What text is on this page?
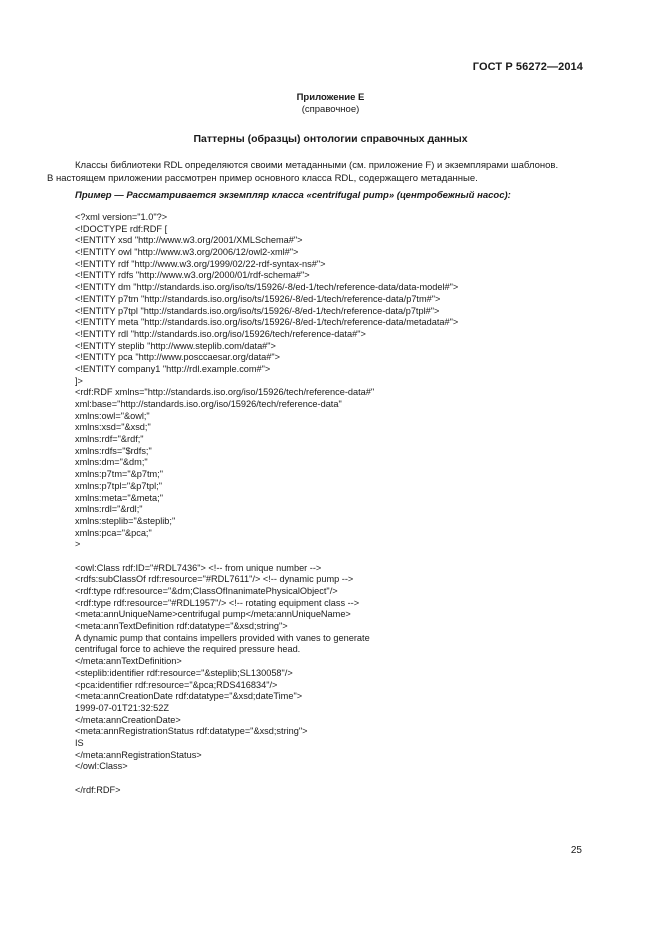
ГОСТ Р 56272—2014
Приложение Е
(справочное)
Паттерны (образцы) онтологии справочных данных
Классы библиотеки RDL определяются своими метаданными (см. приложение F) и экземплярами шаблонов.
В настоящем приложении рассмотрен пример основного класса RDL, содержащего метаданные.
Пример — Рассматривается экземпляр класса «centrifugal pump» (центробежный насос):
<?xml version="1.0"?>
<!DOCTYPE rdf:RDF [
<!ENTITY xsd "http://www.w3.org/2001/XMLSchema#">
<!ENTITY owl "http://www.w3.org/2006/12/owl2-xml#">
<!ENTITY rdf "http://www.w3.org/1999/02/22-rdf-syntax-ns#">
<!ENTITY rdfs "http://www.w3.org/2000/01/rdf-schema#">
<!ENTITY dm "http://standards.iso.org/iso/ts/15926/-8/ed-1/tech/reference-data/data-model#">
<!ENTITY p7tm "http://standards.iso.org/iso/ts/15926/-8/ed-1/tech/reference-data/p7tm#">
<!ENTITY p7tpl "http://standards.iso.org/iso/ts/15926/-8/ed-1/tech/reference-data/p7tpl#">
<!ENTITY meta "http://standards.iso.org/iso/ts/15926/-8/ed-1/tech/reference-data/metadata#">
<!ENTITY rdl "http://standards.iso.org/iso/15926/tech/reference-data#">
<!ENTITY steplib "http://www.steplib.com/data#">
<!ENTITY pca "http://www.posccaesar.org/data#">
<!ENTITY company1 "http://rdl.example.com#">
]>
<rdf:RDF xmlns="http://standards.iso.org/iso/15926/tech/reference-data#"
xml:base="http://standards.iso.org/iso/15926/tech/reference-data"
xmlns:owl="&owl;"
xmlns:xsd="&xsd;"
xmlns:rdf="&rdf;"
xmlns:rdfs="$rdfs;"
xmlns:dm="&dm;"
xmlns:p7tm="&p7tm;"
xmlns:p7tpl="&p7tpl;"
xmlns:meta="&meta;"
xmlns:rdl="&rdl;"
xmlns:steplib="&steplib;"
xmlns:pca="&pca;"
>
<owl:Class rdf:ID="#RDL7436"> <!-- from unique number -->
<rdfs:subClassOf rdf:resource="#RDL7611"/> <!-- dynamic pump -->
<rdf:type rdf:resource="&dm;ClassOfInanimatePhysicalObject"/>
<rdf:type rdf:resource="#RDL1957"/> <!-- rotating equipment class -->
<meta:annUniqueName>centrifugal pump</meta:annUniqueName>
<meta:annTextDefinition rdf:datatype="&xsd;string">
A dynamic pump that contains impellers provided with vanes to generate
centrifugal force to achieve the required pressure head.
</meta:annTextDefinition>
<steplib:identifier rdf:resource="&steplib;SL130058"/>
<pca:identifier rdf:resource="&pca;RDS416834"/>
<meta:annCreationDate rdf:datatype="&xsd;dateTime">
1999-07-01T21:32:52Z
</meta:annCreationDate>
<meta:annRegistrationStatus rdf:datatype="&xsd;string">
IS
</meta:annRegistrationStatus>
</owl:Class>
</rdf:RDF>
25
